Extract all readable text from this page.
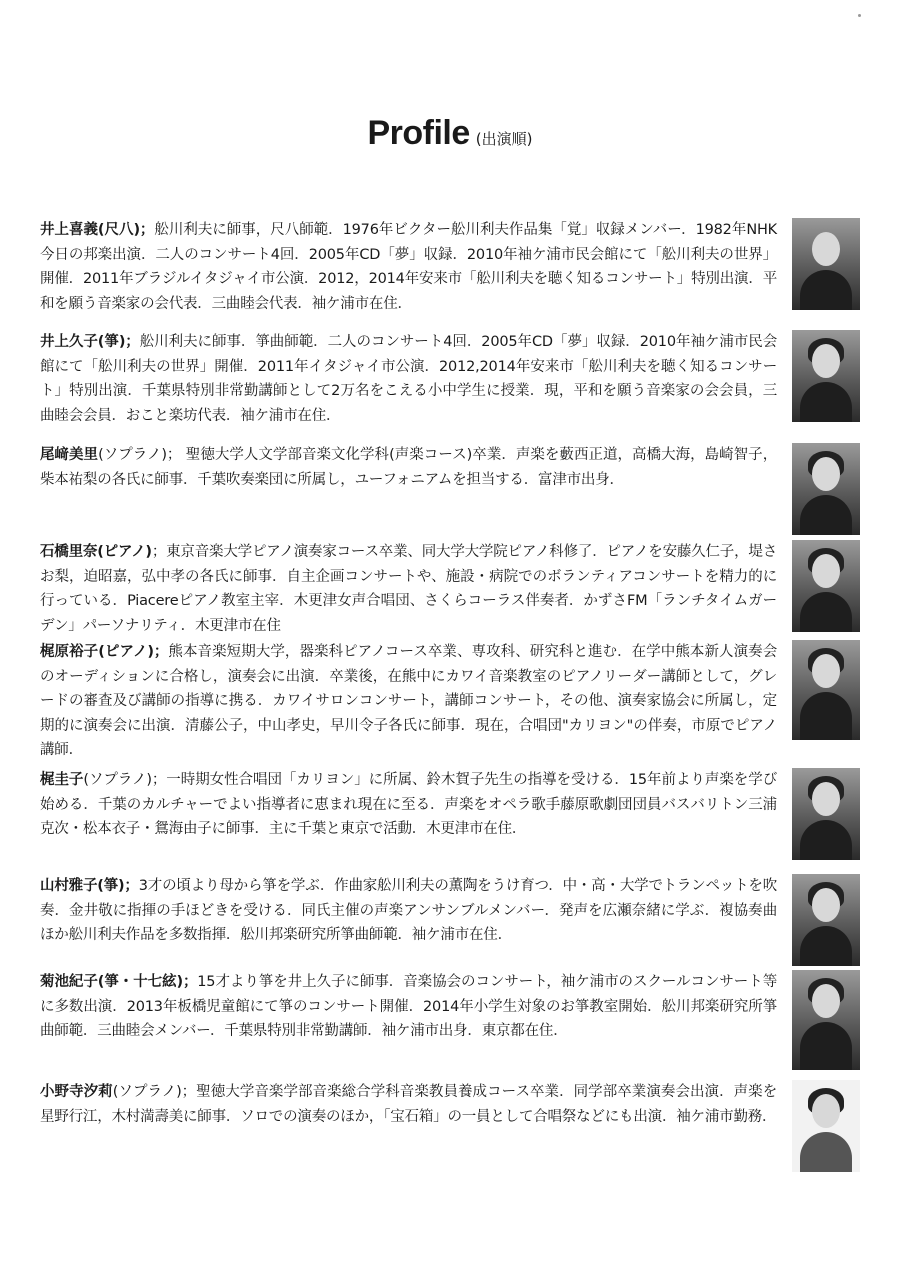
Profile (出演順)
井上喜義(尺八)；舩川利夫に師事，尺八師範．1976年ビクター舩川利夫作品集「覚」収録メンバー．1982年NHK今日の邦楽出演．二人のコンサート4回．2005年CD「夢」収録．2010年袖ケ浦市民会館にて「舩川利夫の世界」開催．2011年ブラジルイタジャイ市公演．2012，2014年安来市「舩川利夫を聴く知るコンサート」特別出演．平和を願う音楽家の会代表．三曲睦会代表．袖ケ浦市在住．
井上久子(箏)；舩川利夫に師事．箏曲師範．二人のコンサート4回．2005年CD「夢」収録．2010年袖ケ浦市民会館にて「舩川利夫の世界」開催．2011年イタジャイ市公演．2012,2014年安来市「舩川利夫を聴く知るコンサート」特別出演．千葉県特別非常勤講師として2万名をこえる小中学生に授業．現，平和を願う音楽家の会会員，三曲睦会会員．おこと楽坊代表．袖ケ浦市在住．
尾﨑美里(ソプラノ)； 聖徳大学人文学部音楽文化学科(声楽コース)卒業．声楽を藪西正道，高橋大海，島崎智子，柴本祐梨の各氏に師事．千葉吹奏楽団に所属し，ユーフォニアムを担当する．富津市出身．
石橋里奈(ピアノ)；東京音楽大学ピアノ演奏家コース卒業、同大学大学院ピアノ科修了．ピアノを安藤久仁子，堤さお梨，迫昭嘉，弘中孝の各氏に師事．自主企画コンサートや、施設・病院でのボランティアコンサートを精力的に行っている．Piacereピアノ教室主宰．木更津女声合唱団、さくらコーラス伴奏者．かずさFM「ランチタイムガーデン」パーソナリティ．木更津市在住
梶原裕子(ピアノ)；熊本音楽短期大学，器楽科ピアノコース卒業、専攻科、研究科と進む．在学中熊本新人演奏会のオーディションに合格し，演奏会に出演．卒業後，在熊中にカワイ音楽教室のピアノリーダー講師として，グレードの審査及び講師の指導に携る．カワイサロンコンサート，講師コンサート，その他、演奏家協会に所属し，定期的に演奏会に出演．清藤公子，中山孝史，早川令子各氏に師事．現在，合唱団"カリヨン"の伴奏，市原でピアノ講師．
梶圭子(ソプラノ)；一時期女性合唱団「カリヨン」に所属、鈴木賀子先生の指導を受ける．15年前より声楽を学び始める．千葉のカルチャーでよい指導者に恵まれ現在に至る．声楽をオペラ歌手藤原歌劇団団員バスバリトン三浦克次・松本衣子・鴛海由子に師事．主に千葉と東京で活動．木更津市在住．
山村雅子(箏)；3才の頃より母から箏を学ぶ．作曲家舩川利夫の薫陶をうけ育つ．中・高・大学でトランペットを吹奏．金井敬に指揮の手ほどきを受ける．同氏主催の声楽アンサンブルメンバー．発声を広瀬奈緒に学ぶ．複協奏曲ほか舩川利夫作品を多数指揮．舩川邦楽研究所箏曲師範．袖ケ浦市在住．
菊池紀子(箏・十七絃)；15才より箏を井上久子に師事．音楽協会のコンサート，袖ケ浦市のスクールコンサート等に多数出演．2013年板橋児童館にて箏のコンサート開催．2014年小学生対象のお箏教室開始．舩川邦楽研究所箏曲師範．三曲睦会メンバー．千葉県特別非常勤講師．袖ケ浦市出身．東京都在住．
小野寺汐莉(ソプラノ)；聖徳大学音楽学部音楽総合学科音楽教員養成コース卒業．同学部卒業演奏会出演．声楽を星野行江，木村満壽美に師事．ソロでの演奏のほか，「宝石箱」の一員として合唱祭などにも出演．袖ケ浦市勤務．
